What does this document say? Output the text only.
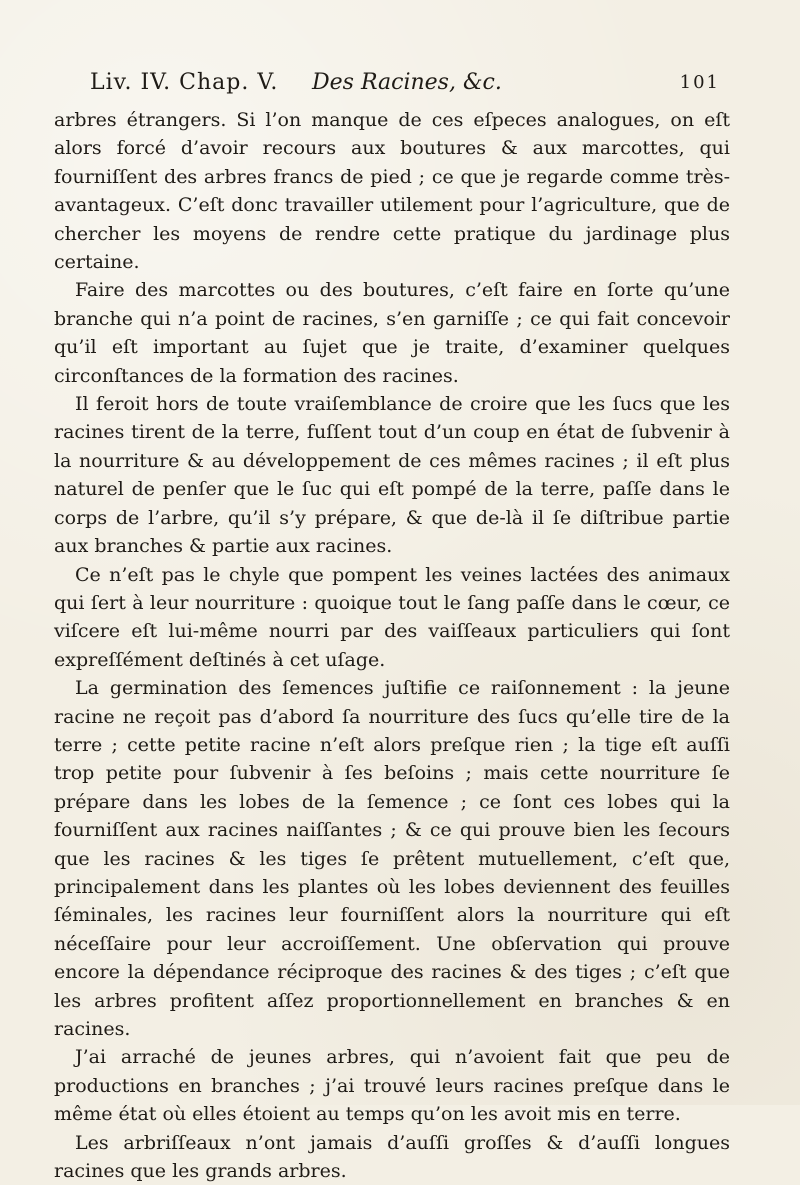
Liv. IV. Chap. V. Des Racines, &c.	101

arbres étrangers. Si l’on manque de ces eſpeces analogues, on eſt alors forcé d’avoir recours aux boutures & aux marcottes, qui fourniſſent des arbres francs de pied ; ce que je regarde comme très-avantageux. C’eſt donc travailler utilement pour l’agriculture, que de chercher les moyens de rendre cette pratique du jardinage plus certaine.

Faire des marcottes ou des boutures, c’eſt faire en ſorte qu’une branche qui n’a point de racines, s’en garniſſe ; ce qui fait concevoir qu’il eſt important au ſujet que je traite, d’examiner quelques circonſtances de la formation des racines.

Il feroit hors de toute vraiſemblance de croire que les ſucs que les racines tirent de la terre, fuſſent tout d’un coup en état de ſubvenir à la nourriture & au développement de ces mêmes racines ; il eſt plus naturel de penſer que le ſuc qui eſt pompé de la terre, paſſe dans le corps de l’arbre, qu’il s’y prépare, & que de-là il ſe diſtribue partie aux branches & partie aux racines.

Ce n’eſt pas le chyle que pompent les veines lactées des animaux qui ſert à leur nourriture : quoique tout le ſang paſſe dans le cœur, ce viſcere eſt lui-même nourri par des vaiſſeaux particuliers qui ſont expreſſément deſtinés à cet uſage.

La germination des ſemences juſtifie ce raiſonnement : la jeune racine ne reçoit pas d’abord ſa nourriture des ſucs qu’elle tire de la terre ; cette petite racine n’eſt alors preſque rien ; la tige eſt auſſi trop petite pour ſubvenir à ſes beſoins ; mais cette nourriture ſe prépare dans les lobes de la ſemence ; ce ſont ces lobes qui la fourniſſent aux racines naiſſantes ; & ce qui prouve bien les ſecours que les racines & les tiges ſe prêtent mutuellement, c’eſt que, principalement dans les plantes où les lobes deviennent des feuilles ſéminales, les racines leur fourniſſent alors la nourriture qui eſt néceſſaire pour leur accroiſſement. Une obſervation qui prouve encore la dépendance réciproque des racines & des tiges ; c’eſt que les arbres profitent aſſez proportionnellement en branches & en racines.

J’ai arraché de jeunes arbres, qui n’avoient fait que peu de productions en branches ; j’ai trouvé leurs racines preſque dans le même état où elles étoient au temps qu’on les avoit mis en terre.

Les arbriſſeaux n’ont jamais d’auſſi groſſes & d’auſſi longues racines que les grands arbres.
